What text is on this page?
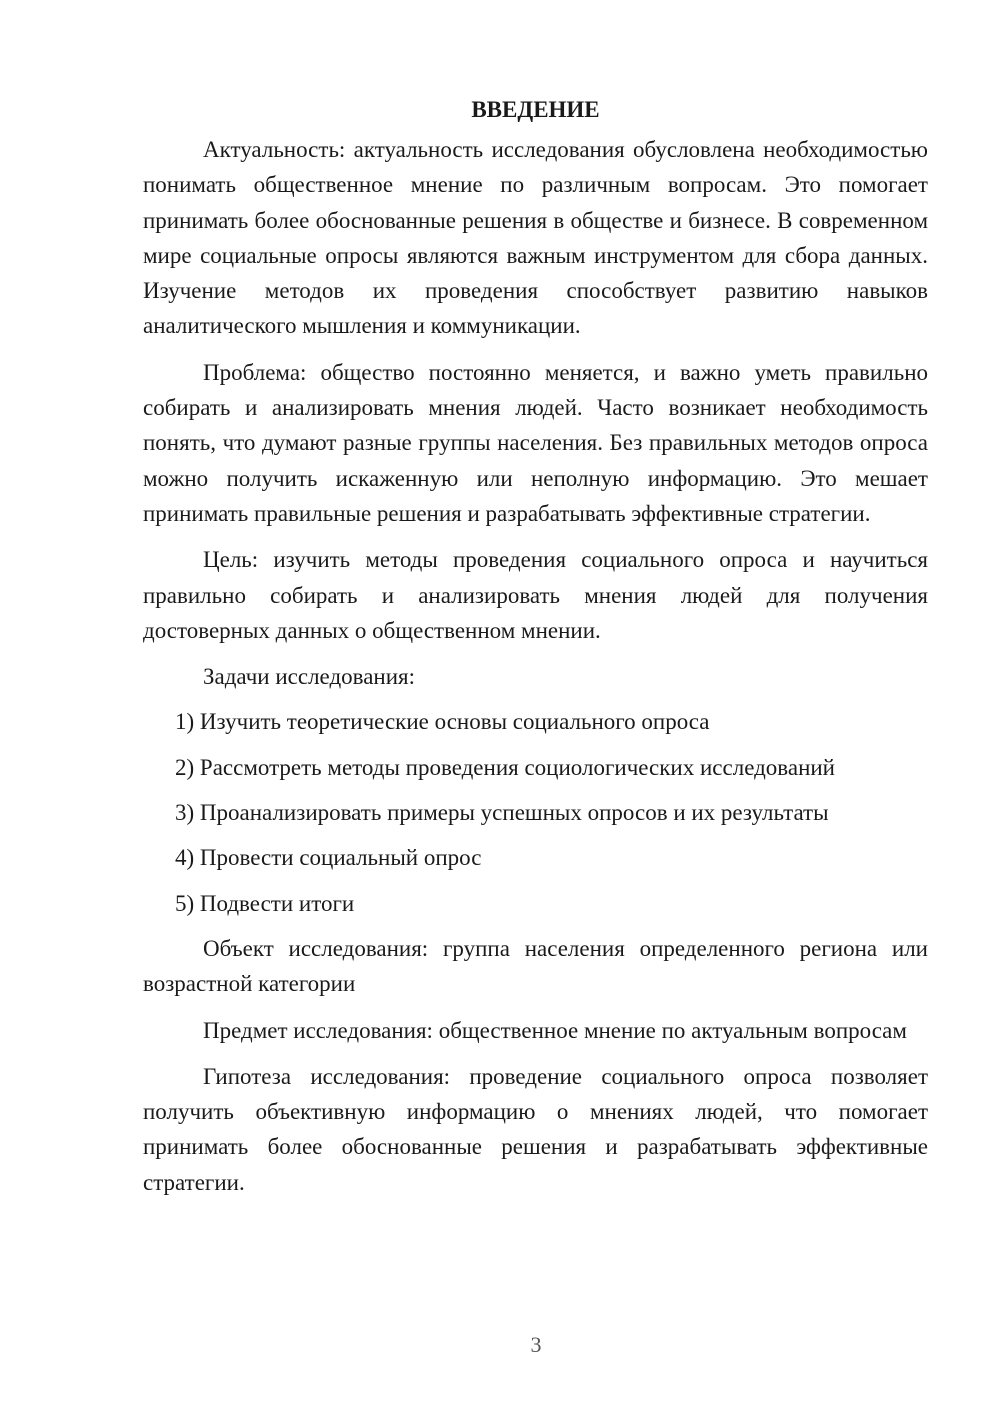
ВВЕДЕНИЕ

Актуальность: актуальность исследования обусловлена необходимостью понимать общественное мнение по различным вопросам. Это помогает принимать более обоснованные решения в обществе и бизнесе. В современном мире социальные опросы являются важным инструментом для сбора данных. Изучение методов их проведения способствует развитию навыков аналитического мышления и коммуникации.

Проблема: общество постоянно меняется, и важно уметь правильно собирать и анализировать мнения людей. Часто возникает необходимость понять, что думают разные группы населения. Без правильных методов опроса можно получить искаженную или неполную информацию. Это мешает принимать правильные решения и разрабатывать эффективные стратегии.

Цель: изучить методы проведения социального опроса и научиться правильно собирать и анализировать мнения людей для получения достоверных данных о общественном мнении.

Задачи исследования:

1) Изучить теоретические основы социального опроса

2) Рассмотреть методы проведения социологических исследований

3) Проанализировать примеры успешных опросов и их результаты

4) Провести социальный опрос

5) Подвести итоги

Объект исследования: группа населения определенного региона или возрастной категории

Предмет исследования: общественное мнение по актуальным вопросам

Гипотеза исследования: проведение социального опроса позволяет получить объективную информацию о мнениях людей, что помогает принимать более обоснованные решения и разрабатывать эффективные стратегии.

3
